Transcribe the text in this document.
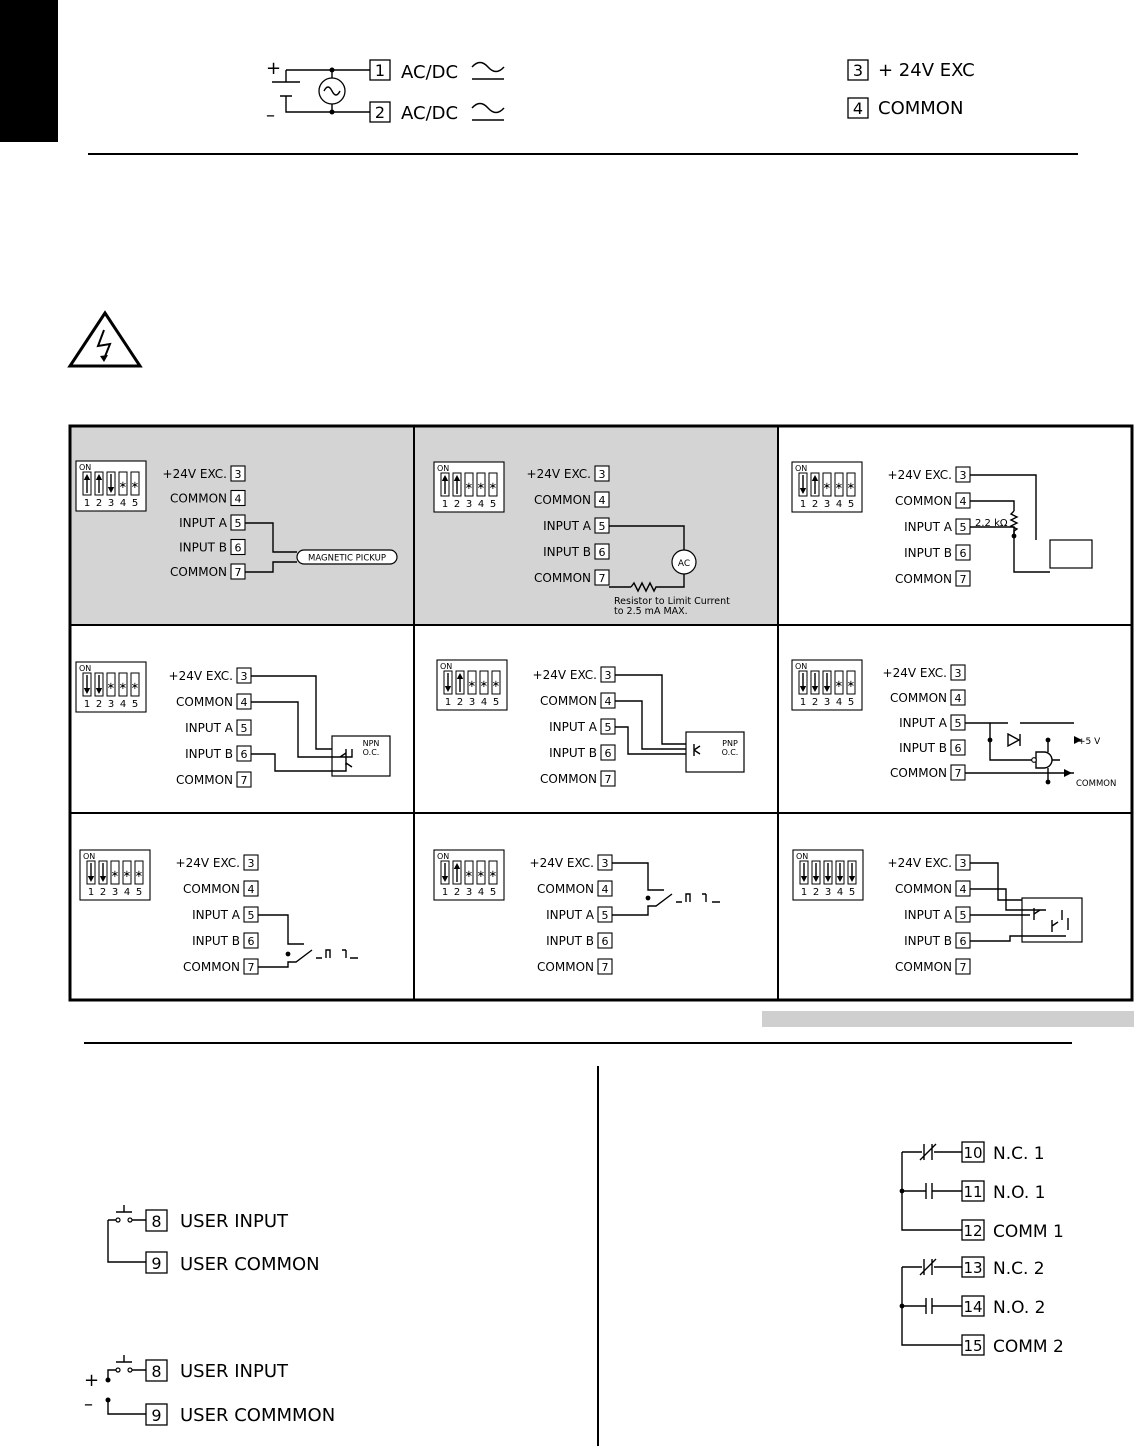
+
–
1 AC/DC
2 AC/DC
3 + 24V EXC
4 COMMON
ON
1 2 3
∗
4
∗
5
3
+24V EXC.
4
COMMON
5
INPUT A
6
INPUT B
7
COMMON
ON
1 2
∗
3
∗
4
∗
5
3
+24V EXC.
4
COMMON
5
INPUT A
6
INPUT B
7
COMMON
ON
1 2
∗
3
∗
4
∗
5
3
+24V EXC.
4
COMMON
5
INPUT A
6
INPUT B
7
COMMON
ON
1 2
∗
3
∗
4
∗
5
3
+24V EXC.
4
COMMON
5
INPUT A
6
INPUT B
7
COMMON
ON
1 2
∗
3
∗
4
∗
5
3
+24V EXC.
4
COMMON
5
INPUT A
6
INPUT B
7
COMMON
ON
1 2 3
∗
4
∗
5
3
+24V EXC.
4
COMMON
5
INPUT A
6
INPUT B
7
COMMON
ON
1 2
∗
3
∗
4
∗
5
3
+24V EXC.
4
COMMON
5
INPUT A
6
INPUT B
7
COMMON
ON
1 2
∗
3
∗
4
∗
5
3
+24V EXC.
4
COMMON
5
INPUT A
6
INPUT B
7
COMMON
ON
1 2 3 4 5
3
+24V EXC.
4
COMMON
5
INPUT A
6
INPUT B
7
COMMON
MAGNETIC PICKUP
AC
Resistor to Limit Current
to 2.5 mA MAX.
2.2 kΩ
NPN
O.C.
PNP
O.C.
+5 V
COMMON
8 USER INPUT
9 USER COMMON
+
–
8 USER INPUT
9 USER COMMMON
10 N.C. 1
11 N.O. 1
12 COMM 1
13 N.C. 2
14 N.O. 2
15 COMM 2
